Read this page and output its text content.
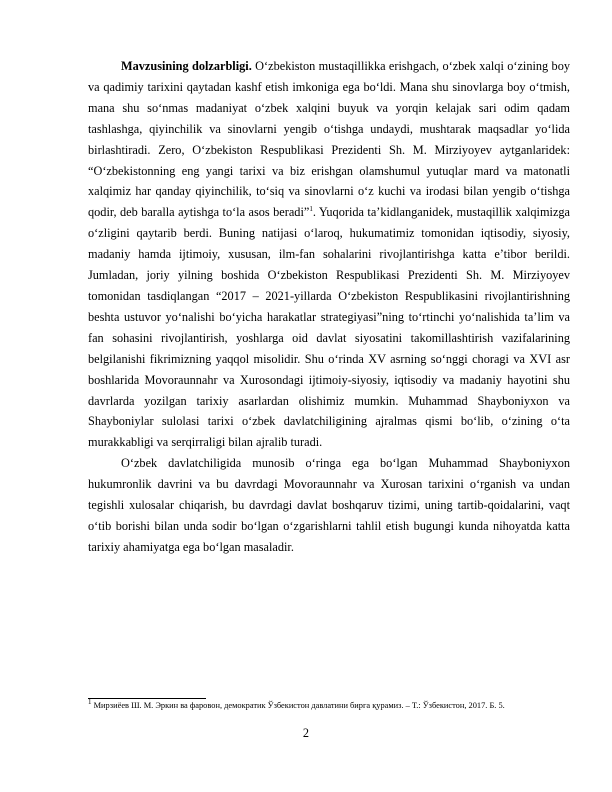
Mavzusining dolzarbligi. O‘zbekiston mustaqillikka erishgach, o‘zbek xalqi o‘zining boy va qadimiy tarixini qaytadan kashf etish imkoniga ega bo‘ldi. Mana shu sinovlarga boy o‘tmish, mana shu so‘nmas madaniyat o‘zbek xalqini buyuk va yorqin kelajak sari odim qadam tashlashga, qiyinchilik va sinovlarni yengib o‘tishga undaydi, mushtarak maqsadlar yo‘lida birlashtiradi. Zero, O‘zbekiston Respublikasi Prezidenti Sh. M. Mirziyoyev aytganlaridek: “O‘zbekistonning eng yangi tarixi va biz erishgan olamshumul yutuqlar mard va matonatli xalqimiz har qanday qiyinchilik, to‘siq va sinovlarni o‘z kuchi va irodasi bilan yengib o‘tishga qodir, deb baralla aytishga to‘la asos beradi”$^1$. Yuqorida ta’kidlanganidek, mustaqillik xalqimizga o‘zligini qaytarib berdi. Buning natijasi o‘laroq, hukumatimiz tomonidan iqtisodiy, siyosiy, madaniy hamda ijtimoiy, xususan, ilm-fan sohalarini rivojlantirishga katta e’tibor berildi. Jumladan, joriy yilning boshida O‘zbekiston Respublikasi Prezidenti Sh. M. Mirziyoyev tomonidan tasdiqlangan “2017 – 2021-yillarda O‘zbekiston Respublikasini rivojlantirishning beshta ustuvor yo‘nalishi bo‘yicha harakatlar strategiyasi”ning to‘rtinchi yo‘nalishida ta’lim va fan sohasini rivojlantirish, yoshlarga oid davlat siyosatini takomillashtirish vazifalarining belgilanishi fikrimizning yaqqol misolidir. Shu o‘rinda XV asrning so‘nggi choragi va XVI asr boshlarida Movoraunnahr va Xurosondagi ijtimoiy-siyosiy, iqtisodiy va madaniy hayotini shu davrlarda yozilgan tarixiy asarlardan olishimiz mumkin. Muhammad Shayboniyxon va Shayboniylar sulolasi tarixi o‘zbek davlatchiligining ajralmas qismi bo‘lib, o‘zining o‘ta murakkabligi va serqirraligi bilan ajralib turadi.

O‘zbek davlatchiligida munosib o‘ringa ega bo‘lgan Muhammad Shayboniyxon hukumronlik davrini va bu davrdagi Movoraunnahr va Xurosan tarixini o‘rganish va undan tegishli xulosalar chiqarish, bu davrdagi davlat boshqaruv tizimi, uning tartib-qoidalarini, vaqt o‘tib borishi bilan unda sodir bo‘lgan o‘zgarishlarni tahlil etish bugungi kunda nihoyatda katta tarixiy ahamiyatga ega bo‘lgan masaladir.

$^1$ Мирзиёев Ш. М. Эркин ва фаровон, демократик Ўзбекистон давлатини бирга қурамиз. – Т.: Ўзбекистон, 2017. Б. 5.

2
